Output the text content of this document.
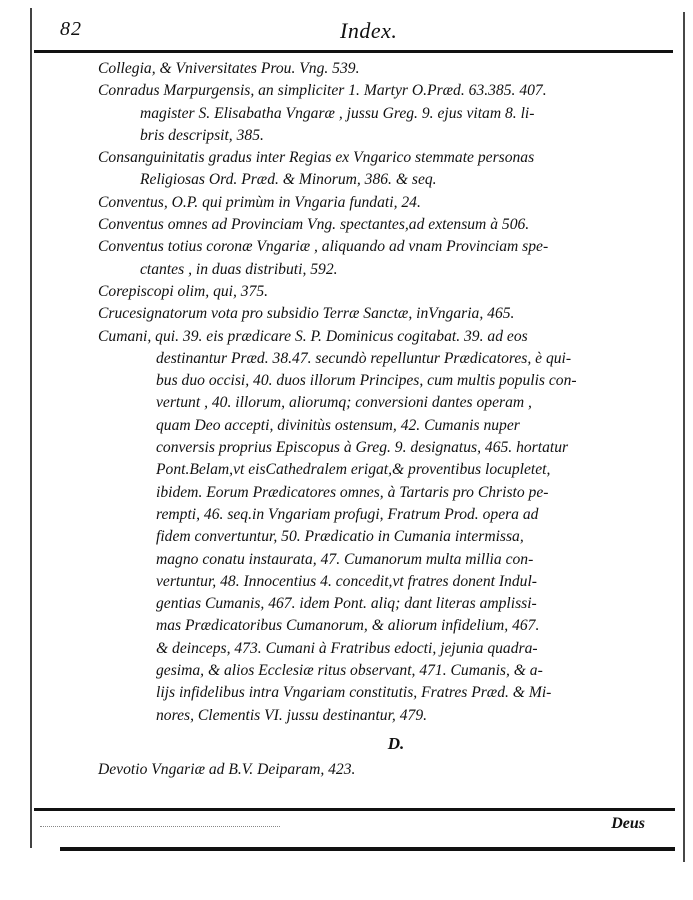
82	Index.
Collegia, & Vniversitates Prou. Vng. 539.
Conradus Marpurgensis, an simpliciter 1. Martyr O.Præd. 63.385. 407.
magister S. Elisabatha Vngaræ , jussu Greg. 9. ejus vitam 8. li-
bris descripsit, 385.
Consanguinitatis gradus inter Regias ex Vngarico stemmate personas
Religiosas Ord. Præd. & Minorum, 386. & seq.
Conventus, O.P. qui primùm in Vngaria fundati, 24.
Conventus omnes ad Provinciam Vng. spectantes,ad extensum à 506.
Conventus totius coronæ Vngariæ , aliquando ad vnam Provinciam spe-
ctantes , in duas distributi, 592.
Corepiscopi olim, qui, 375.
Crucesignatorum vota pro subsidio Terræ Sanctæ, inVngaria, 465.
Cumani, qui. 39. eis prædicare S. P. Dominicus cogitabat. 39. ad eos
destinantur Præd. 38.47. secundò repelluntur Prædicatores, è qui-
bus duo occisi, 40. duos illorum Principes, cum multis populis con-
vertunt , 40. illorum, aliorumq; conversioni dantes operam ,
quam Deo accepti, divinitùs ostensum, 42. Cumanis nuper
conversis proprius Episcopus à Greg. 9. designatus, 465. hortatur
Pont.Belam,vt eisCathedralem erigat,& proventibus locupletet,
ibidem. Eorum Prædicatores omnes, à Tartaris pro Christo pe-
rempti, 46. seq.in Vngariam profugi, Fratrum Prod. opera ad
fidem convertuntur, 50. Prædicatio in Cumania intermissa,
magno conatu instaurata, 47. Cumanorum multa millia con-
vertuntur, 48. Innocentius 4. concedit,vt fratres donent Indul-
gentias Cumanis, 467. idem Pont. aliq; dant literas amplissi-
mas Prædicatoribus Cumanorum, & aliorum infidelium, 467.
& deinceps, 473. Cumani à Fratribus edocti, jejunia quadra-
gesima, & alios Ecclesiæ ritus observant, 471. Cumanis, & a-
lijs infidelibus intra Vngariam constitutis, Fratres Præd. & Mi-
nores, Clementis VI. jussu destinantur, 479.
D.
Devotio Vngariæ ad B.V. Deiparam, 423.
Deus
